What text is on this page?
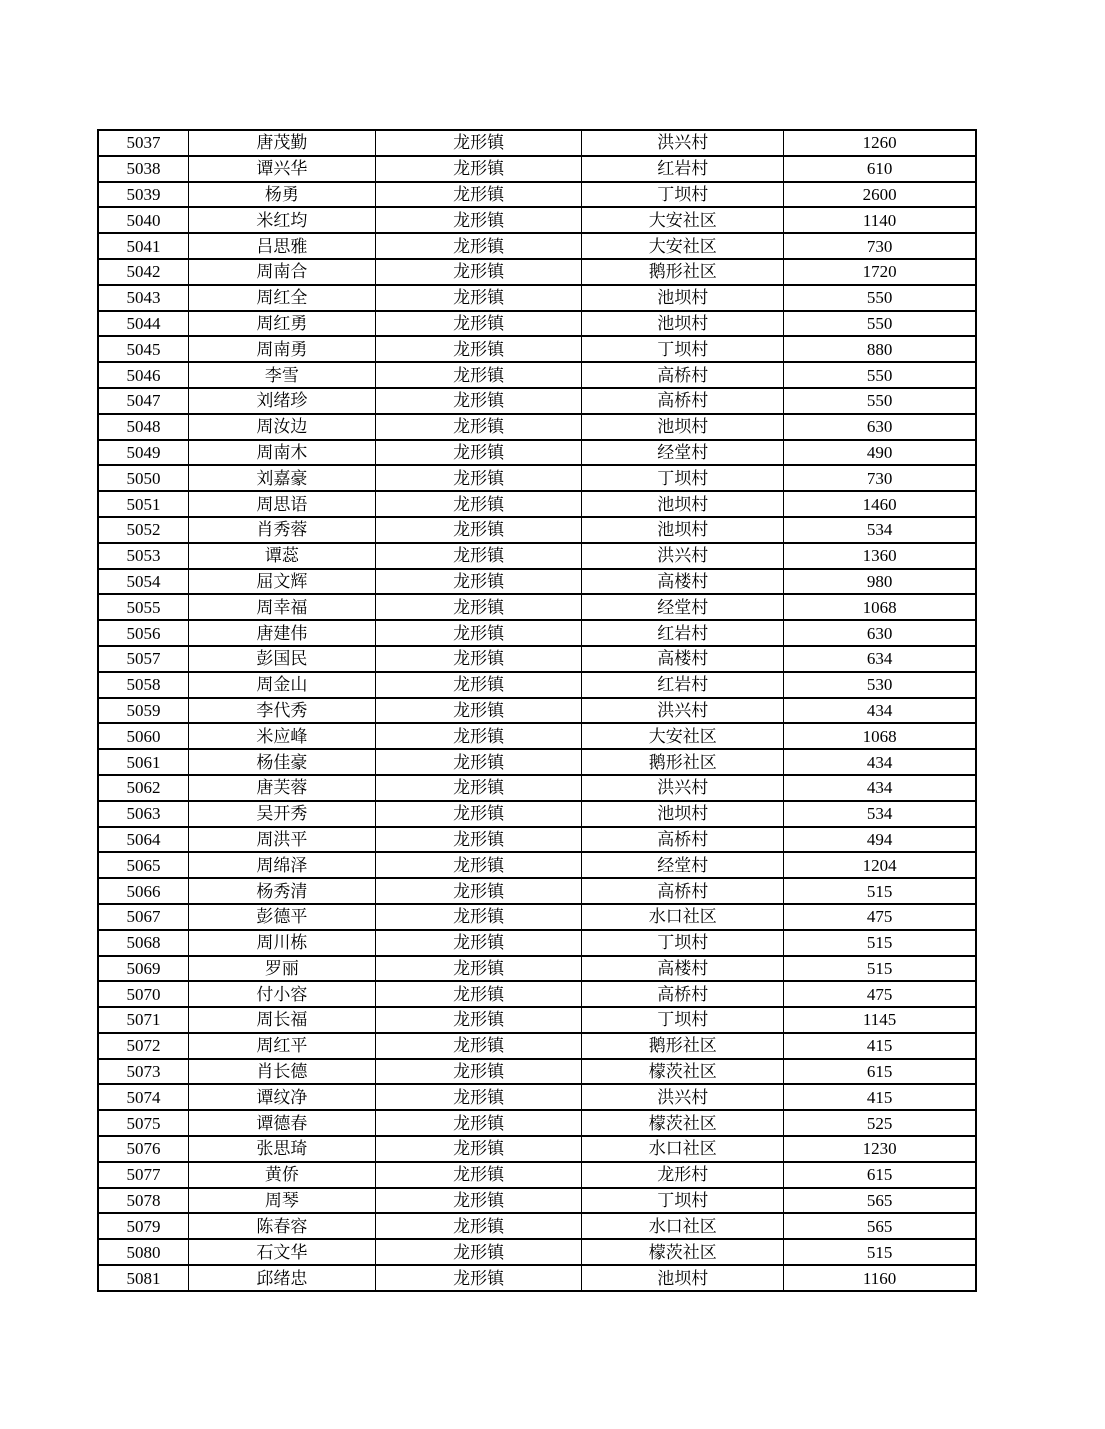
5037	唐茂勤	龙形镇	洪兴村	1260
5038	谭兴华	龙形镇	红岩村	610
5039	杨勇	龙形镇	丁坝村	2600
5040	米红均	龙形镇	大安社区	1140
5041	吕思雅	龙形镇	大安社区	730
5042	周南合	龙形镇	鹅形社区	1720
5043	周红全	龙形镇	池坝村	550
5044	周红勇	龙形镇	池坝村	550
5045	周南勇	龙形镇	丁坝村	880
5046	李雪	龙形镇	高桥村	550
5047	刘绪珍	龙形镇	高桥村	550
5048	周汝边	龙形镇	池坝村	630
5049	周南木	龙形镇	经堂村	490
5050	刘嘉豪	龙形镇	丁坝村	730
5051	周思语	龙形镇	池坝村	1460
5052	肖秀蓉	龙形镇	池坝村	534
5053	谭蕊	龙形镇	洪兴村	1360
5054	屈文辉	龙形镇	高楼村	980
5055	周幸福	龙形镇	经堂村	1068
5056	唐建伟	龙形镇	红岩村	630
5057	彭国民	龙形镇	高楼村	634
5058	周金山	龙形镇	红岩村	530
5059	李代秀	龙形镇	洪兴村	434
5060	米应峰	龙形镇	大安社区	1068
5061	杨佳豪	龙形镇	鹅形社区	434
5062	唐芙蓉	龙形镇	洪兴村	434
5063	吴开秀	龙形镇	池坝村	534
5064	周洪平	龙形镇	高桥村	494
5065	周绵泽	龙形镇	经堂村	1204
5066	杨秀清	龙形镇	高桥村	515
5067	彭德平	龙形镇	水口社区	475
5068	周川栋	龙形镇	丁坝村	515
5069	罗丽	龙形镇	高楼村	515
5070	付小容	龙形镇	高桥村	475
5071	周长福	龙形镇	丁坝村	1145
5072	周红平	龙形镇	鹅形社区	415
5073	肖长德	龙形镇	檬茨社区	615
5074	谭纹净	龙形镇	洪兴村	415
5075	谭德春	龙形镇	檬茨社区	525
5076	张思琦	龙形镇	水口社区	1230
5077	黄侨	龙形镇	龙形村	615
5078	周琴	龙形镇	丁坝村	565
5079	陈春容	龙形镇	水口社区	565
5080	石文华	龙形镇	檬茨社区	515
5081	邱绪忠	龙形镇	池坝村	1160
